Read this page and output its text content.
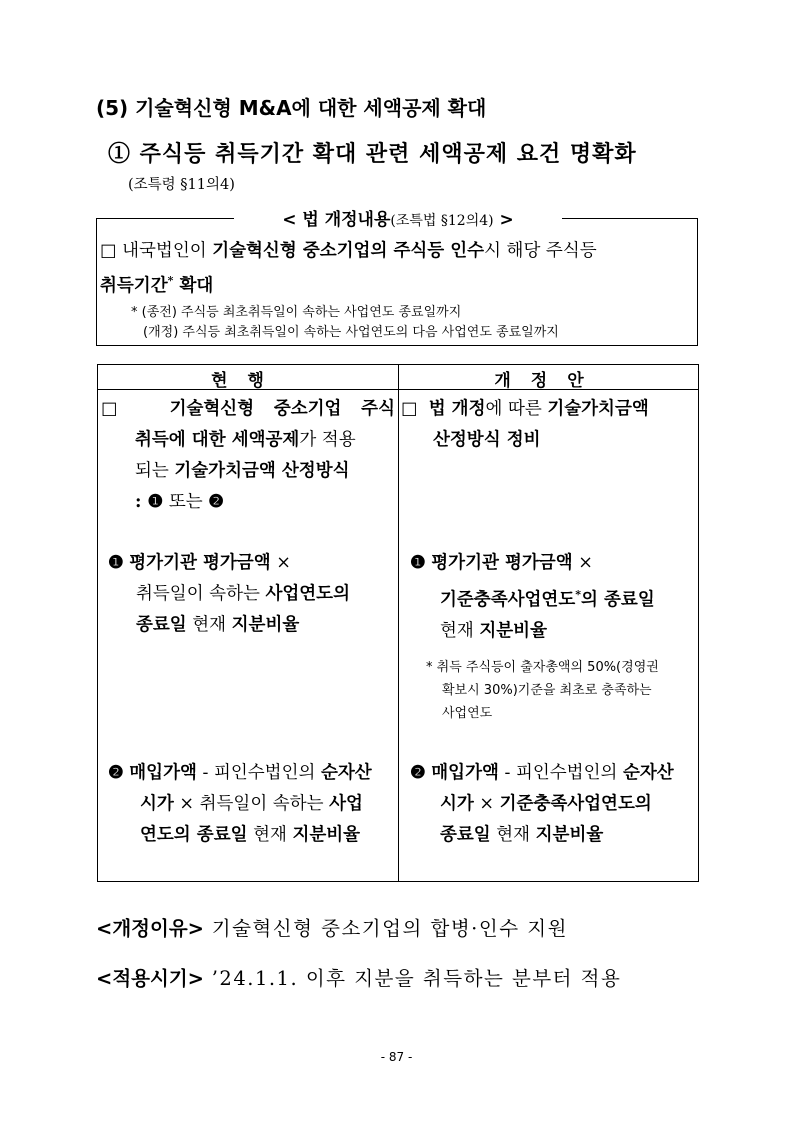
(5) 기술혁신형 M&A에 대한 세액공제 확대
① 주식등 취득기간 확대 관련 세액공제 요건 명확화
(조특령 §11의4)
< 법 개정내용(조특법 §12의4) >
□ 내국법인이 기술혁신형 중소기업의 주식등 인수시 해당 주식등
취득기간* 확대
* (종전) 주식등 최초취득일이 속하는 사업연도 종료일까지
(개정) 주식등 최초취득일이 속하는 사업연도의 다음 사업연도 종료일까지
현행	개정안
□ 기술혁신형 중소기업 주식
취득에 대한 세액공제가 적용
되는 기술가치금액 산정방식
: ❶ 또는 ❷
❶ 평가기관 평가금액 ×
취득일이 속하는 사업연도의
종료일 현재 지분비율
❷ 매입가액 - 피인수법인의 순자산
시가 × 취득일이 속하는 사업
연도의 종료일 현재 지분비율
□ 법 개정에 따른 기술가치금액
산정방식 정비
❶ 평가기관 평가금액 ×
기준충족사업연도*의 종료일
현재 지분비율
* 취득 주식등이 출자총액의 50%(경영권
확보시 30%)기준을 최초로 충족하는
사업연도
❷ 매입가액 - 피인수법인의 순자산
시가 × 기준충족사업연도의
종료일 현재 지분비율
<개정이유> 기술혁신형 중소기업의 합병·인수 지원
<적용시기> ’24.1.1. 이후 지분을 취득하는 분부터 적용
- 87 -
